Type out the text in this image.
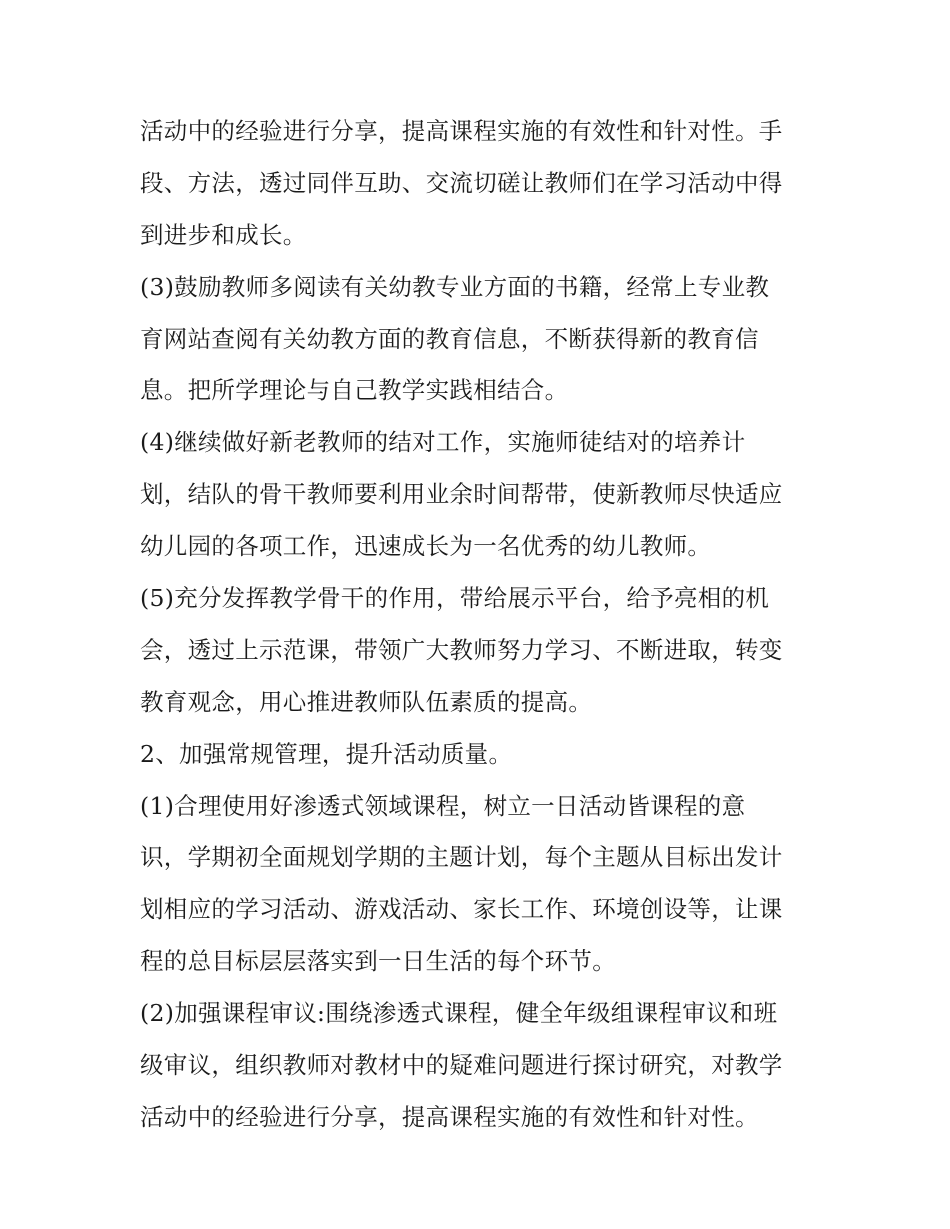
活动中的经验进行分享，提高课程实施的有效性和针对性。手
段、方法，透过同伴互助、交流切磋让教师们在学习活动中得
到进步和成长。
(3)鼓励教师多阅读有关幼教专业方面的书籍，经常上专业教
育网站查阅有关幼教方面的教育信息，不断获得新的教育信
息。把所学理论与自己教学实践相结合。
(4)继续做好新老教师的结对工作，实施师徒结对的培养计
划，结队的骨干教师要利用业余时间帮带，使新教师尽快适应
幼儿园的各项工作，迅速成长为一名优秀的幼儿教师。
(5)充分发挥教学骨干的作用，带给展示平台，给予亮相的机
会，透过上示范课，带领广大教师努力学习、不断进取，转变
教育观念，用心推进教师队伍素质的提高。
2、加强常规管理，提升活动质量。
(1)合理使用好渗透式领域课程，树立一日活动皆课程的意
识，学期初全面规划学期的主题计划，每个主题从目标出发计
划相应的学习活动、游戏活动、家长工作、环境创设等，让课
程的总目标层层落实到一日生活的每个环节。
(2)加强课程审议:围绕渗透式课程，健全年级组课程审议和班
级审议，组织教师对教材中的疑难问题进行探讨研究，对教学
活动中的经验进行分享，提高课程实施的有效性和针对性。
